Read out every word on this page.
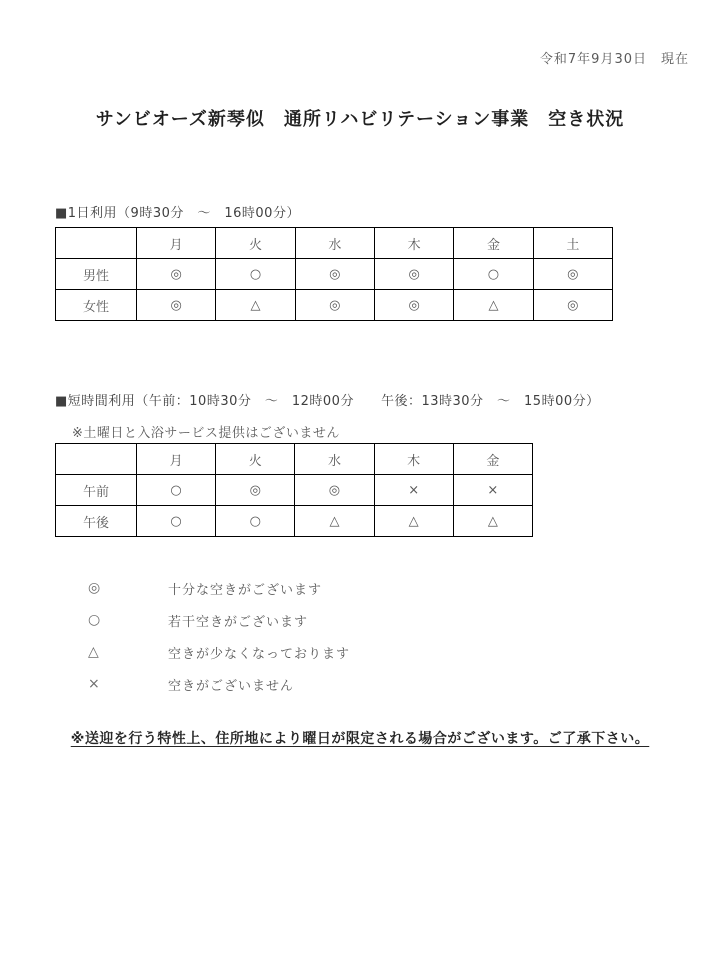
令和7年9月30日　現在
サンビオーズ新琴似　通所リハビリテーション事業　空き状況
■1日利用（9時30分　～　16時00分）
	月	火	水	木	金	土
男性	◎	○	◎	◎	○	◎
女性	◎	△	◎	◎	△	◎
■短時間利用（午前：10時30分　～　12時00分　　午後：13時30分　～　15時00分）
※土曜日と入浴サービス提供はございません
	月	火	水	木	金
午前	○	◎	◎	×	×
午後	○	○	△	△	△
◎	十分な空きがございます
○	若干空きがございます
△	空きが少なくなっております
×	空きがございません
※送迎を行う特性上、住所地により曜日が限定される場合がございます。ご了承下さい。
